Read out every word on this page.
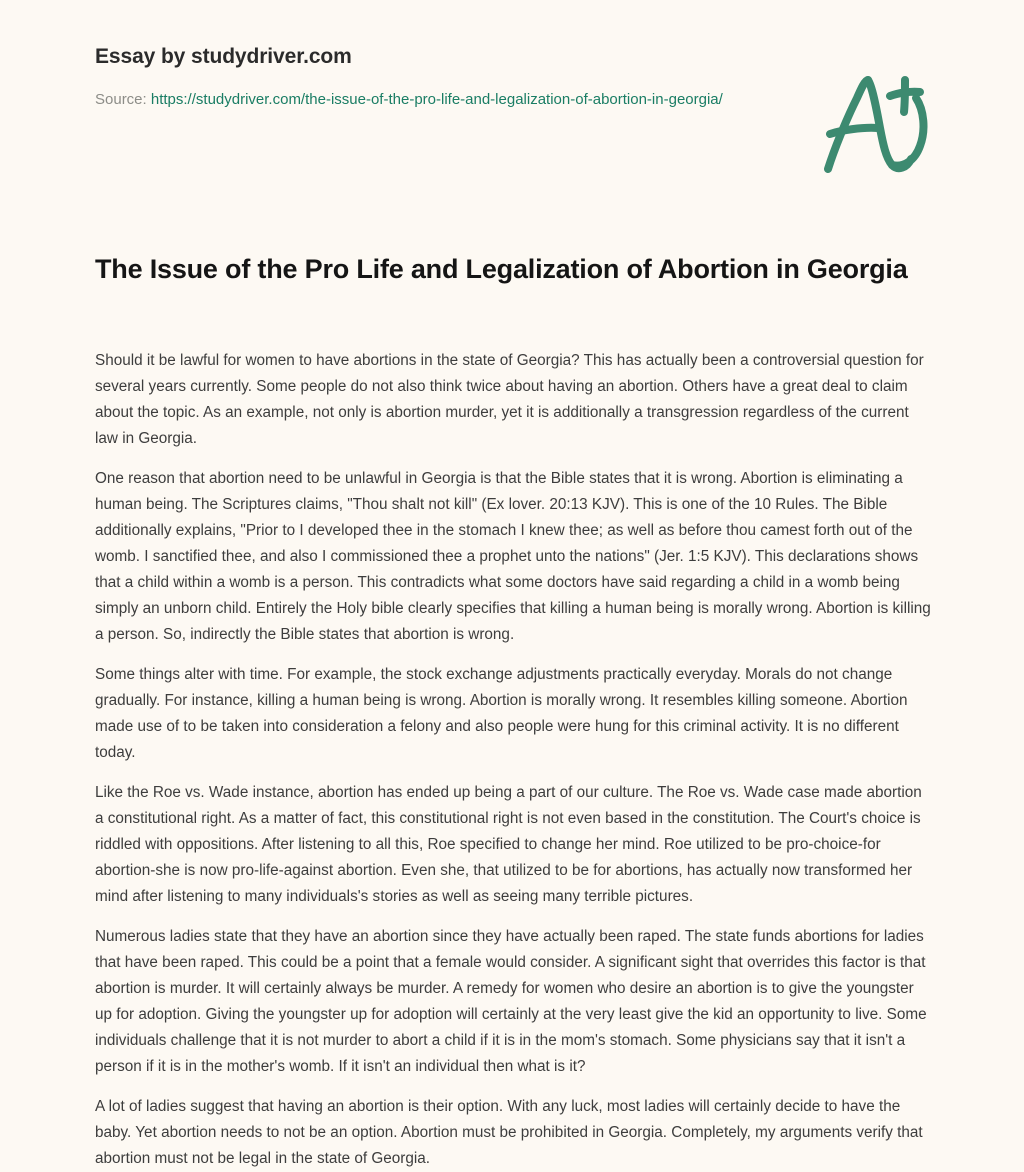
Essay by studydriver.com
Source: https://studydriver.com/the-issue-of-the-pro-life-and-legalization-of-abortion-in-georgia/
The Issue of the Pro Life and Legalization of Abortion in Georgia

Should it be lawful for women to have abortions in the state of Georgia? This has actually been a controversial question for several years currently. Some people do not also think twice about having an abortion. Others have a great deal to claim about the topic. As an example, not only is abortion murder, yet it is additionally a transgression regardless of the current law in Georgia.

One reason that abortion need to be unlawful in Georgia is that the Bible states that it is wrong. Abortion is eliminating a human being. The Scriptures claims, "Thou shalt not kill" (Ex lover. 20:13 KJV). This is one of the 10 Rules. The Bible additionally explains, "Prior to I developed thee in the stomach I knew thee; as well as before thou camest forth out of the womb. I sanctified thee, and also I commissioned thee a prophet unto the nations" (Jer. 1:5 KJV). This declarations shows that a child within a womb is a person. This contradicts what some doctors have said regarding a child in a womb being simply an unborn child. Entirely the Holy bible clearly specifies that killing a human being is morally wrong. Abortion is killing a person. So, indirectly the Bible states that abortion is wrong.

Some things alter with time. For example, the stock exchange adjustments practically everyday. Morals do not change gradually. For instance, killing a human being is wrong. Abortion is morally wrong. It resembles killing someone. Abortion made use of to be taken into consideration a felony and also people were hung for this criminal activity. It is no different today.

Like the Roe vs. Wade instance, abortion has ended up being a part of our culture. The Roe vs. Wade case made abortion a constitutional right. As a matter of fact, this constitutional right is not even based in the constitution. The Court's choice is riddled with oppositions. After listening to all this, Roe specified to change her mind. Roe utilized to be pro-choice-for abortion-she is now pro-life-against abortion. Even she, that utilized to be for abortions, has actually now transformed her mind after listening to many individuals's stories as well as seeing many terrible pictures.

Numerous ladies state that they have an abortion since they have actually been raped. The state funds abortions for ladies that have been raped. This could be a point that a female would consider. A significant sight that overrides this factor is that abortion is murder. It will certainly always be murder. A remedy for women who desire an abortion is to give the youngster up for adoption. Giving the youngster up for adoption will certainly at the very least give the kid an opportunity to live. Some individuals challenge that it is not murder to abort a child if it is in the mom's stomach. Some physicians say that it isn't a person if it is in the mother's womb. If it isn't an individual then what is it?

A lot of ladies suggest that having an abortion is their option. With any luck, most ladies will certainly decide to have the baby. Yet abortion needs to not be an option. Abortion must be prohibited in Georgia. Completely, my arguments verify that abortion must not be legal in the state of Georgia.
